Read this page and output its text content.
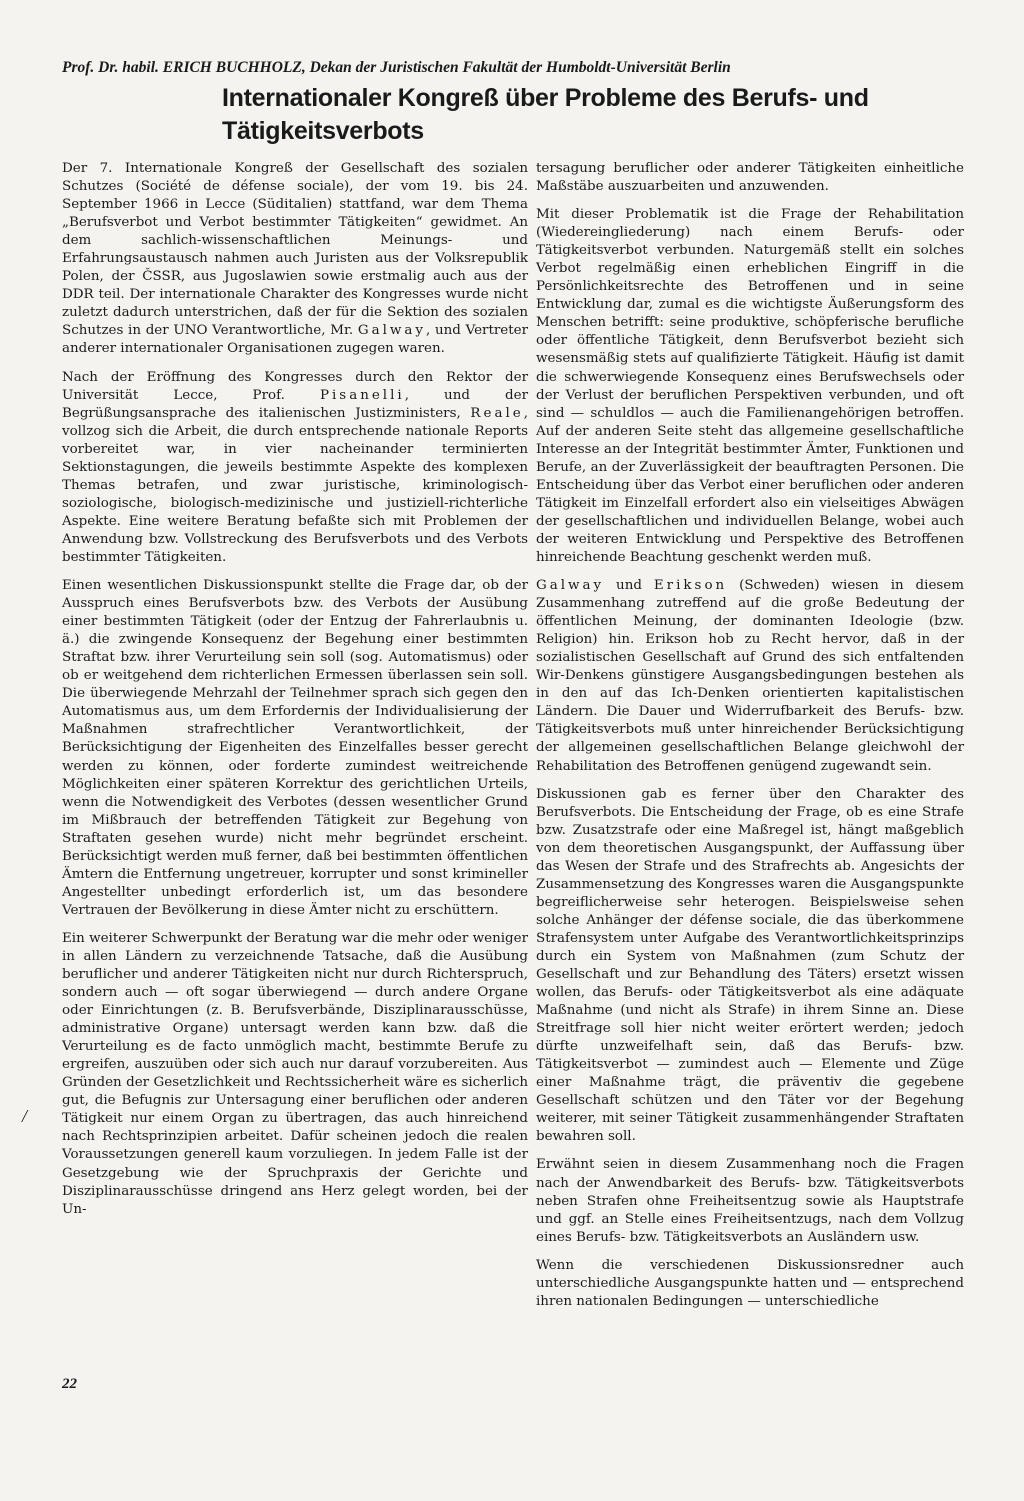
Prof. Dr. habil. ERICH BUCHHOLZ, Dekan der Juristischen Fakultät der Humboldt-Universität Berlin
Internationaler Kongreß über Probleme des Berufs- und Tätigkeitsverbots

Der 7. Internationale Kongreß der Gesellschaft des sozialen Schutzes (Société de défense sociale), der vom 19. bis 24. September 1966 in Lecce (Süditalien) stattfand, war dem Thema „Berufsverbot und Verbot bestimmter Tätigkeiten“ gewidmet. An dem sachlich-wissenschaftlichen Meinungs- und Erfahrungsaustausch nahmen auch Juristen aus der Volksrepublik Polen, der ČSSR, aus Jugoslawien sowie erstmalig auch aus der DDR teil. Der internationale Charakter des Kongresses wurde nicht zuletzt dadurch unterstrichen, daß der für die Sektion des sozialen Schutzes in der UNO Verantwortliche, Mr. Galway, und Vertreter anderer internationaler Organisationen zugegen waren.

Nach der Eröffnung des Kongresses durch den Rektor der Universität Lecce, Prof.	Pisanelli, und der Begrüßungsansprache des italienischen Justizministers, Reale, vollzog sich die Arbeit, die durch entsprechende nationale Reports vorbereitet war, in vier nacheinander terminierten Sektionstagungen, die jeweils bestimmte Aspekte des komplexen Themas betrafen, und zwar juristische, kriminologisch-soziologische, biologisch-medizinische und justiziell-richterliche Aspekte. Eine weitere Beratung befaßte sich mit Problemen der Anwendung bzw. Vollstreckung des Berufsverbots und des Verbots bestimmter Tätigkeiten.

Einen wesentlichen Diskussionspunkt stellte die Frage dar, ob der Ausspruch eines Berufsverbots bzw. des Verbots der Ausübung einer bestimmten Tätigkeit (oder der Entzug der Fahrerlaubnis u. ä.) die zwingende Konsequenz der Begehung einer bestimmten Straftat bzw. ihrer Verurteilung sein soll (sog. Automatismus) oder ob er weitgehend dem richterlichen Ermessen überlassen sein soll. Die überwiegende Mehrzahl der Teilnehmer sprach sich gegen den Automatismus aus, um dem Erfordernis der Individualisierung der Maßnahmen strafrechtlicher Verantwortlichkeit, der Berücksichtigung der Eigenheiten des Einzelfalles besser gerecht werden zu können, oder forderte zumindest weitreichende Möglichkeiten einer späteren Korrektur des gerichtlichen Urteils, wenn die Notwendigkeit des Verbotes (dessen wesentlicher Grund im Mißbrauch der betreffenden Tätigkeit zur Begehung von Straftaten gesehen wurde) nicht mehr begründet erscheint. Berücksichtigt werden muß ferner, daß bei bestimmten öffentlichen Ämtern die Entfernung ungetreuer, korrupter und sonst krimineller Angestellter unbedingt erforderlich ist, um das besondere Vertrauen der Bevölkerung in diese Ämter nicht zu erschüttern.

Ein weiterer Schwerpunkt der Beratung war die mehr oder weniger in allen Ländern zu verzeichnende Tatsache, daß die Ausübung beruflicher und anderer Tätigkeiten nicht nur durch Richterspruch, sondern auch — oft sogar überwiegend — durch andere Organe oder Einrichtungen (z. B. Berufsverbände, Disziplinarausschüsse, administrative Organe) untersagt werden kann bzw. daß die Verurteilung es de facto unmöglich macht, bestimmte Berufe zu ergreifen, auszuüben oder sich auch nur darauf vorzubereiten. Aus Gründen der Gesetzlichkeit und Rechtssicherheit wäre es sicherlich gut, die Befugnis zur Untersagung einer beruflichen oder anderen Tätigkeit nur einem Organ zu übertragen, das auch hinreichend nach Rechtsprinzipien arbeitet. Dafür scheinen jedoch die realen Voraussetzungen generell kaum vorzuliegen. In jedem Falle ist der Gesetzgebung wie der Spruchpraxis der Gerichte und Disziplinarausschüsse dringend ans Herz gelegt worden, bei der Un-

tersagung beruflicher oder anderer Tätigkeiten einheitliche Maßstäbe auszuarbeiten und anzuwenden.

Mit dieser Problematik ist die Frage der Rehabilitation (Wiedereingliederung) nach einem Berufs- oder Tätigkeitsverbot verbunden. Naturgemäß stellt ein solches Verbot regelmäßig einen erheblichen Eingriff in die Persönlichkeitsrechte des Betroffenen und in seine Entwicklung dar, zumal es die wichtigste Äußerungsform des Menschen betrifft: seine produktive, schöpferische berufliche oder öffentliche Tätigkeit, denn Berufsverbot bezieht sich wesensmäßig stets auf qualifizierte Tätigkeit. Häufig ist damit die schwerwiegende Konsequenz eines Berufswechsels oder der Verlust der beruflichen Perspektiven verbunden, und oft sind — schuldlos — auch die Familienangehörigen betroffen. Auf der anderen Seite steht das allgemeine gesellschaftliche Interesse an der Integrität bestimmter Ämter, Funktionen und Berufe, an der Zuverlässigkeit der beauftragten Personen. Die Entscheidung über das Verbot einer beruflichen oder anderen Tätigkeit im Einzelfall erfordert also ein vielseitiges Abwägen der gesellschaftlichen und individuellen Belange, wobei auch der weiteren Entwicklung und Perspektive des Betroffenen hinreichende Beachtung geschenkt werden muß.

Galway und Erikson (Schweden) wiesen in diesem Zusammenhang zutreffend auf die große Bedeutung der öffentlichen Meinung, der dominanten Ideologie (bzw. Religion) hin. Erikson hob zu Recht hervor, daß in der sozialistischen Gesellschaft auf Grund des sich entfaltenden Wir-Denkens günstigere Ausgangsbedingungen bestehen als in den auf das Ich-Denken orientierten kapitalistischen Ländern. Die Dauer und Widerrufbarkeit des Berufs- bzw. Tätigkeitsverbots muß unter hinreichender Berücksichtigung der allgemeinen gesellschaftlichen Belange gleichwohl der Rehabilitation des Betroffenen genügend zugewandt sein.

Diskussionen gab es ferner über den Charakter des Berufsverbots. Die Entscheidung der Frage, ob es eine Strafe bzw. Zusatzstrafe oder eine Maßregel ist, hängt maßgeblich von dem theoretischen Ausgangspunkt, der Auffassung über das Wesen der Strafe und des Strafrechts ab. Angesichts der Zusammensetzung des Kongresses waren die Ausgangspunkte begreiflicherweise sehr heterogen. Beispielsweise sehen solche Anhänger der défense sociale, die das überkommene Strafensystem unter Aufgabe des Verantwortlichkeitsprinzips durch ein System von Maßnahmen (zum Schutz der Gesellschaft und zur Behandlung des Täters) ersetzt wissen wollen, das Berufs- oder Tätigkeitsverbot als eine adäquate Maßnahme (und nicht als Strafe) in ihrem Sinne an. Diese Streitfrage soll hier nicht weiter erörtert werden; jedoch dürfte unzweifelhaft sein, daß das Berufs- bzw. Tätigkeitsverbot — zumindest auch — Elemente und Züge einer Maßnahme trägt, die präventiv die gegebene Gesellschaft schützen und den Täter vor der Begehung weiterer, mit seiner Tätigkeit zusammenhängender Straftaten bewahren soll.

Erwähnt seien in diesem Zusammenhang noch die Fragen nach der Anwendbarkeit des Berufs- bzw. Tätigkeitsverbots neben Strafen ohne Freiheitsentzug sowie als Hauptstrafe und ggf. an Stelle eines Freiheitsentzugs, nach dem Vollzug eines Berufs- bzw. Tätigkeitsverbots an Ausländern usw.

Wenn die verschiedenen Diskussionsredner auch unterschiedliche Ausgangspunkte hatten und — entsprechend ihren nationalen Bedingungen — unterschiedliche

/
22
